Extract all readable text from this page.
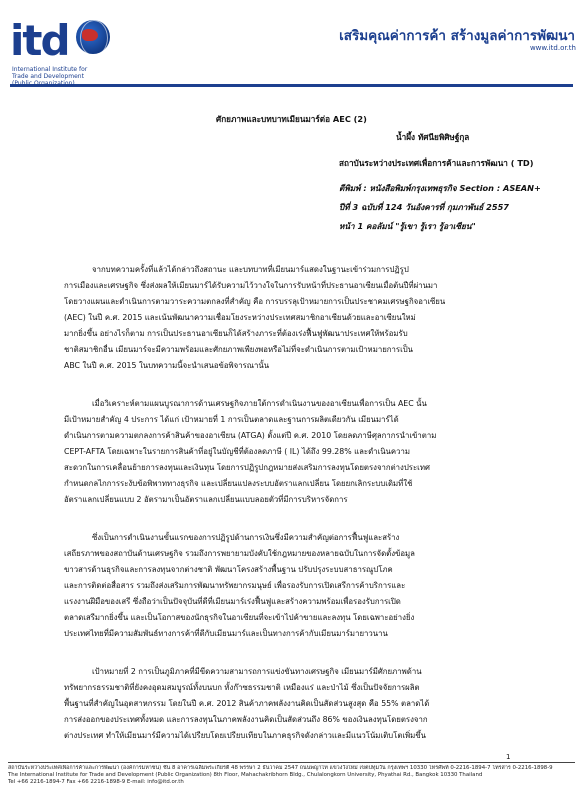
itd
International Institute for
Trade and Development
เสริมคุณค่าการค้า สร้างมูลค่าการพัฒนา
www.itd.or.th
ศักยภาพและบทบาทเมียนมาร์ต่อ AEC (2)
น้ำผึ้ง ทัศนียพิศิษฐ์กุล
สถาบันระหว่างประเทศเพื่อการค้าและการพัฒนา ( TD)
ตีพิมพ์ : หนังสือพิมพ์กรุงเทพธุรกิจ Section : ASEAN+
ปีที่ 3 ฉบับที่ 124 วันอังคารที่ กุมภาพันธ์ 2557
หน้า 1 คอลัมน์ "รู้เขา รู้เรา รู้อาเซียน"
จากบทความครั้งที่แล้วได้กล่าวถึงสถานะ และบทบาทที่เมียนมาร์แสดงในฐานะเข้าร่วมการปฏิรูป
การเมืองและเศรษฐกิจ ซึ่งส่งผลให้เมียนมาร์ได้รับความไว้วางใจในการรับหน้าที่ประธานอาเซียนเมื่อต้นปีที่ผ่านมา
โดยวางแผนและดำเนินการตามวาระความตกลงที่สำคัญ คือ การบรรลุเป้าหมายการเป็นประชาคมเศรษฐกิจอาเซียน
(AEC) ในปี ค.ศ. 2015 และเน้นพัฒนาความเชื่อมโยงระหว่างประเทศสมาชิกอาเซียนด้วยและอาเซียนใหม่
มากยิ่งขึ้น อย่างไรก็ตาม การเป็นประธานอาเซียนก็ได้สร้างภาระที่ต้องเร่งฟื้นฟูพัฒนาประเทศให้พร้อมรับ
ชาติสมาชิกอื่น เมียนมาร์จะมีความพร้อมและศักยภาพเพียงพอหรือไม่ที่จะดำเนินการตามเป้าหมายการเป็น
ABC ในปี ค.ศ. 2015 ในบทความนี้จะนำเสนอข้อพิจารณานั้น
เมื่อวิเคราะห์ตามแผนบูรณาการด้านเศรษฐกิจภายใต้การดำเนินงานของอาเซียนเพื่อการเป็น AEC นั้น
มีเป้าหมายสำคัญ 4 ประการ ได้แก่ เป้าหมายที่ 1 การเป็นตลาดและฐานการผลิตเดียวกัน เมียนมาร์ได้
ดำเนินการตามความตกลงการค้าสินค้าของอาเซียน (ATGA) ตั้งแต่ปี ค.ศ. 2010 โดยลดภาษีศุลกากรนำเข้าตาม
CEPT-AFTA โดยเฉพาะในรายการสินค้าที่อยู่ในบัญชีที่ต้องลดภาษี ( IL) ได้ถึง 99.28% และดำเนินความ
สะดวกในการเคลื่อนย้ายการลงทุนและเงินทุน โดยการปฏิรูปกฎหมายส่งเสริมการลงทุนโดยตรงจากต่างประเทศ
กำหนดกลไกการระงับข้อพิพาททางธุรกิจ และเปลี่ยนแปลงระบบอัตราแลกเปลี่ยน โดยยกเลิกระบบเดิมที่ใช้
อัตราแลกเปลี่ยนแบบ 2 อัตรามาเป็นอัตราแลกเปลี่ยนแบบลอยตัวที่มีการบริหารจัดการ
ซึ่งเป็นการดำเนินงานขั้นแรกของการปฏิรูปด้านการเงินซึ่งมีความสำคัญต่อการฟื้นฟูและสร้าง
เสถียรภาพของสถาบันด้านเศรษฐกิจ รวมถึงการพยายามบังคับใช้กฎหมายของหลายฉบับในการจัดตั้งข้อมูล
ขาวสารด้านธุรกิจและการลงทุนจากต่างชาติ พัฒนาโครงสร้างพื้นฐาน ปรับปรุงระบบสาธารณูปโภค
และการติดต่อสื่อสาร รวมถึงส่งเสริมการพัฒนาทรัพยากรมนุษย์ เพื่อรองรับการเปิดเสรีการค้าบริการและ
แรงงานฝีมือของเสรี ซึ่งถือว่าเป็นปัจจุบันที่ดีที่เมียนมาร์เร่งฟื้นฟูและสร้างความพร้อมเพื่อรองรับการเปิด
ตลาดเสรีมากยิ่งขึ้น และเป็นโอกาสของนักธุรกิจในอาเซียนที่จะเข้าไปค้าขายและลงทุน โดยเฉพาะอย่างยิ่ง
ประเทศไทยที่มีความสัมพันธ์ทางการค้าที่ดีกับเมียนมาร์และเป็นทางการค้ากับเมียนมาร์มายาวนาน
เป้าหมายที่ 2 การเป็นภูมิภาคที่มีขีดความสามารถการแข่งขันทางเศรษฐกิจ เมียนมาร์มีศักยภาพด้าน
ทรัพยากรธรรมชาติที่ยังคงอุดมสมบูรณ์ทั้งบนบก ทั้งก๊าซธรรมชาติ เหมืองแร่ และป่าไม้ ซึ่งเป็นปัจจัยการผลิต
พื้นฐานที่สำคัญในอุตสาหกรรม โดยในปี ค.ศ. 2012 สินค้าภาคพลังงานคิดเป็นสัดส่วนสูงสุด คือ 55% ตลาดได้
การส่งออกของประเทศทั้งหมด และการลงทุนในภาคพลังงานคิดเป็นสัดส่วนถึง 86% ของเงินลงทุนโดยตรงจาก
ต่างประเทศ ทำให้เมียนมาร์มีความได้เปรียบโดยเปรียบเทียบในภาคธุรกิจดังกล่าวและมีแนวโน้มเติบโตเพิ่มขึ้น
1
สถาบันระหว่างประเทศเพื่อการค้าและการพัฒนา (องค์การมหาชน) ชั้น 8 อาคารเฉลิมพระเกียรติ 48 พรรษา 2 ธันวาคม 2547 ถนนพญาไท แขวงวังใหม่ เขตปทุมวัน กรุงเทพฯ 10330 โทรศัพท์ 0-2216-1894-7 โทรสาร 0-2216-1898-9
The International Institute for Trade and Development (Public Organization) 8th Floor, Mahachakribhorn Bldg., Chulalongkorn University, Phyathai Rd., Bangkok 10330 Thailand
Tel +66 2216-1894-7 Fax +66 2216-1898-9 E-mail: info@itd.or.th
